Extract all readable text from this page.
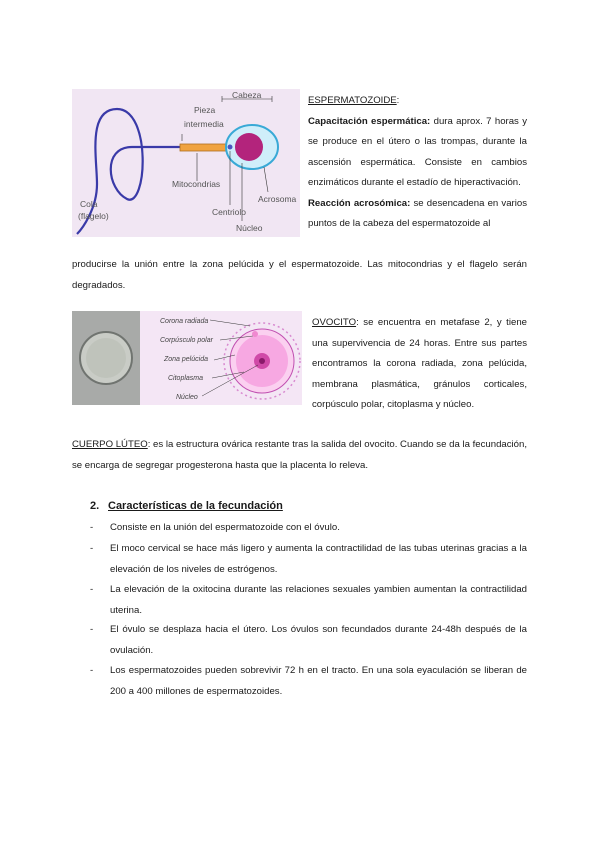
Cabeza
Pieza
intermedia
Mitocondrias
Cola
(flagelo)	Centriolo
Núcleo
Acrosoma
ESPERMATOZOIDE:
Capacitación espermática: dura aprox. 7 horas y se produce en el útero o las trompas, durante la ascensión espermática. Consiste en cambios enzimáticos durante el estadío de hiperactivación.
Reacción acrosómica: se desencadena en varios puntos de la cabeza del espermatozoide al
producirse la unión entre la zona pelúcida y el espermatozoide. Las mitocondrias y el flagelo serán degradados.
Corona radiada
Corpúsculo polar
Zona pelúcida
Citoplasma
Núcleo
OVOCITO: se encuentra en metafase 2, y tiene una supervivencia de 24 horas. Entre sus partes encontramos la corona radiada, zona pelúcida, membrana plasmática, gránulos corticales, corpúsculo polar, citoplasma y núcleo.
CUERPO LÚTEO: es la estructura ovárica restante tras la salida del ovocito. Cuando se da la fecundación, se encarga de segregar progesterona hasta que la placenta lo releva.
2. Características de la fecundación
- Consiste en la unión del espermatozoide con el óvulo.
- El moco cervical se hace más ligero y aumenta la contractilidad de las tubas uterinas gracias a la elevación de los niveles de estrógenos.
- La elevación de la oxitocina durante las relaciones sexuales yambien aumentan la contractilidad uterina.
- El óvulo se desplaza hacia el útero. Los óvulos son fecundados durante 24-48h después de la ovulación.
- Los espermatozoides pueden sobrevivir 72 h en el tracto. En una sola eyaculación se liberan de 200 a 400 millones de espermatozoides.
